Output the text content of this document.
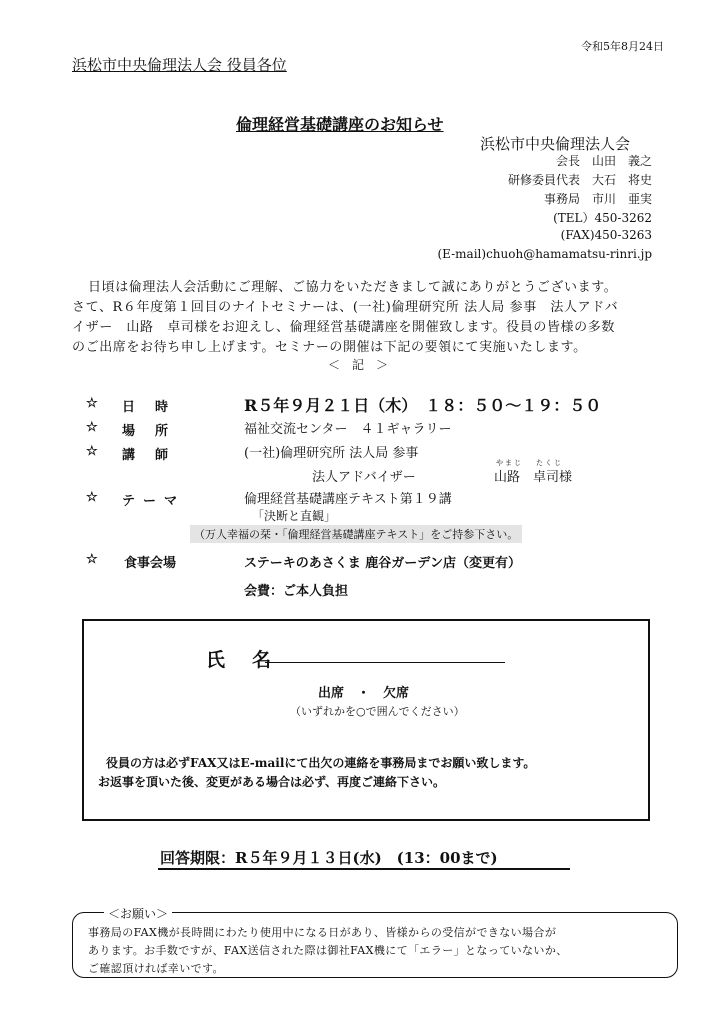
令和5年8月24日
浜松市中央倫理法人会 役員各位
倫理経営基礎講座のお知らせ
浜松市中央倫理法人会
会長　山田　義之
研修委員代表　大石　将史
事務局　市川　亜実
(TEL）450-3262
(FAX)450-3263
(E-mail)chuoh@hamamatsu-rinri.jp
日頃は倫理法人会活動にご理解、ご協力をいただきまして誠にありがとうございます。
さて、R６年度第１回目のナイトセミナーは、(一社)倫理研究所 法人局 参事　法人アドバ
イザー　山路　卓司様をお迎えし、倫理経営基礎講座を開催致します。役員の皆様の多数
のご出席をお待ち申し上げます。セミナーの開催は下記の要領にて実施いたします。
＜　記　＞
☆ 日時	R５年９月２１日（木）　１８：５０～１９：５０
☆ 場所	福祉交流センター　４１ギャラリー
☆ 講師	(一社)倫理研究所 法人局 参事
法人アドバイザー
やまじ たくじ
山路　卓司様
☆ テーマ	倫理経営基礎講座テキスト第１９講
「決断と直観」
（万人幸福の栞・「倫理経営基礎講座テキスト」をご持参下さい。
☆ 食事会場	ステーキのあさくま 鹿谷ガーデン店（変更有）
会費：ご本人負担
氏　名
出席　・　欠席
（いずれかを○で囲んでください）
役員の方は必ずFAX又はE-mailにて出欠の連絡を事務局までお願い致します。
お返事を頂いた後、変更がある場合は必ず、再度ご連絡下さい。
回答期限：R５年９月１３日(水)　(13：00まで)
＜お願い＞
事務局のFAX機が長時間にわたり使用中になる日があり、皆様からの受信ができない場合が
あります。お手数ですが、FAX送信された際は御社FAX機にて「エラー」となっていないか、
ご確認頂ければ幸いです。
